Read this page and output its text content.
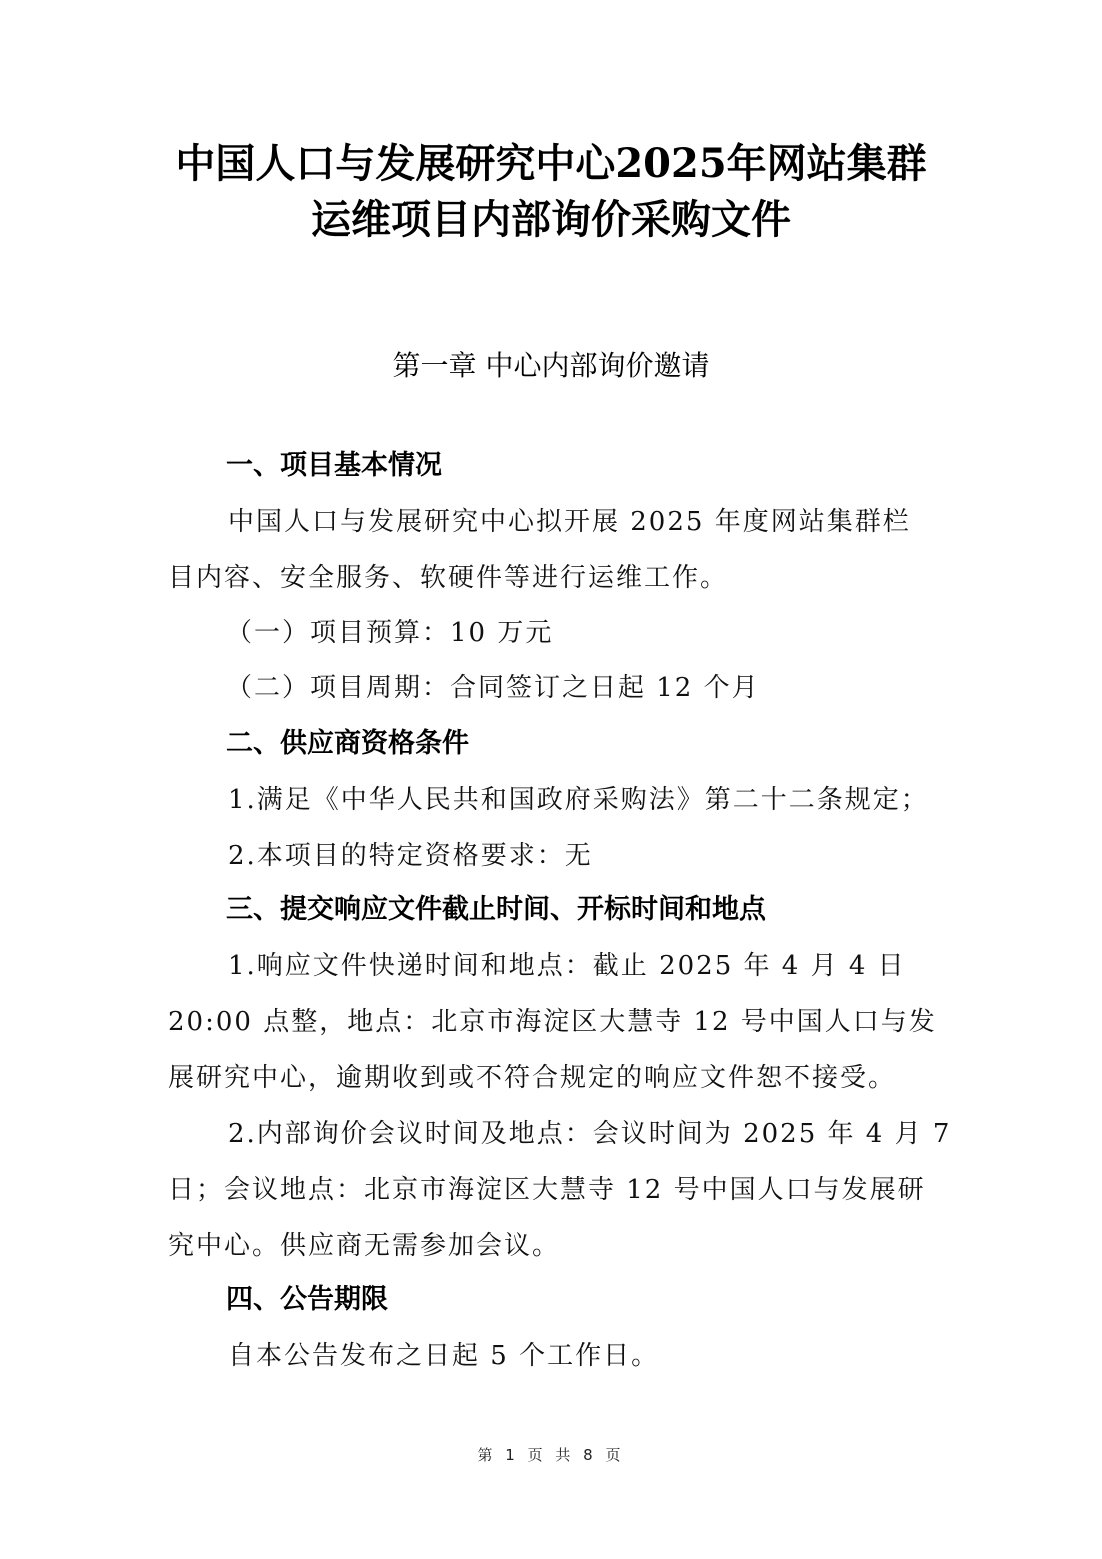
中国人口与发展研究中心2025年网站集群
运维项目内部询价采购文件
第一章 中心内部询价邀请
一、项目基本情况
中国人口与发展研究中心拟开展 2025 年度网站集群栏
目内容、安全服务、软硬件等进行运维工作。
（一）项目预算：10 万元
（二）项目周期：合同签订之日起 12 个月
二、供应商资格条件
1.满足《中华人民共和国政府采购法》第二十二条规定；
2.本项目的特定资格要求：无
三、提交响应文件截止时间、开标时间和地点
1.响应文件快递时间和地点：截止 2025 年 4 月 4 日
20:00 点整，地点：北京市海淀区大慧寺 12 号中国人口与发
展研究中心，逾期收到或不符合规定的响应文件恕不接受。
2.内部询价会议时间及地点：会议时间为 2025 年 4 月 7
日；会议地点：北京市海淀区大慧寺 12 号中国人口与发展研
究中心。供应商无需参加会议。
四、公告期限
自本公告发布之日起 5 个工作日。
第 1 页 共 8 页
